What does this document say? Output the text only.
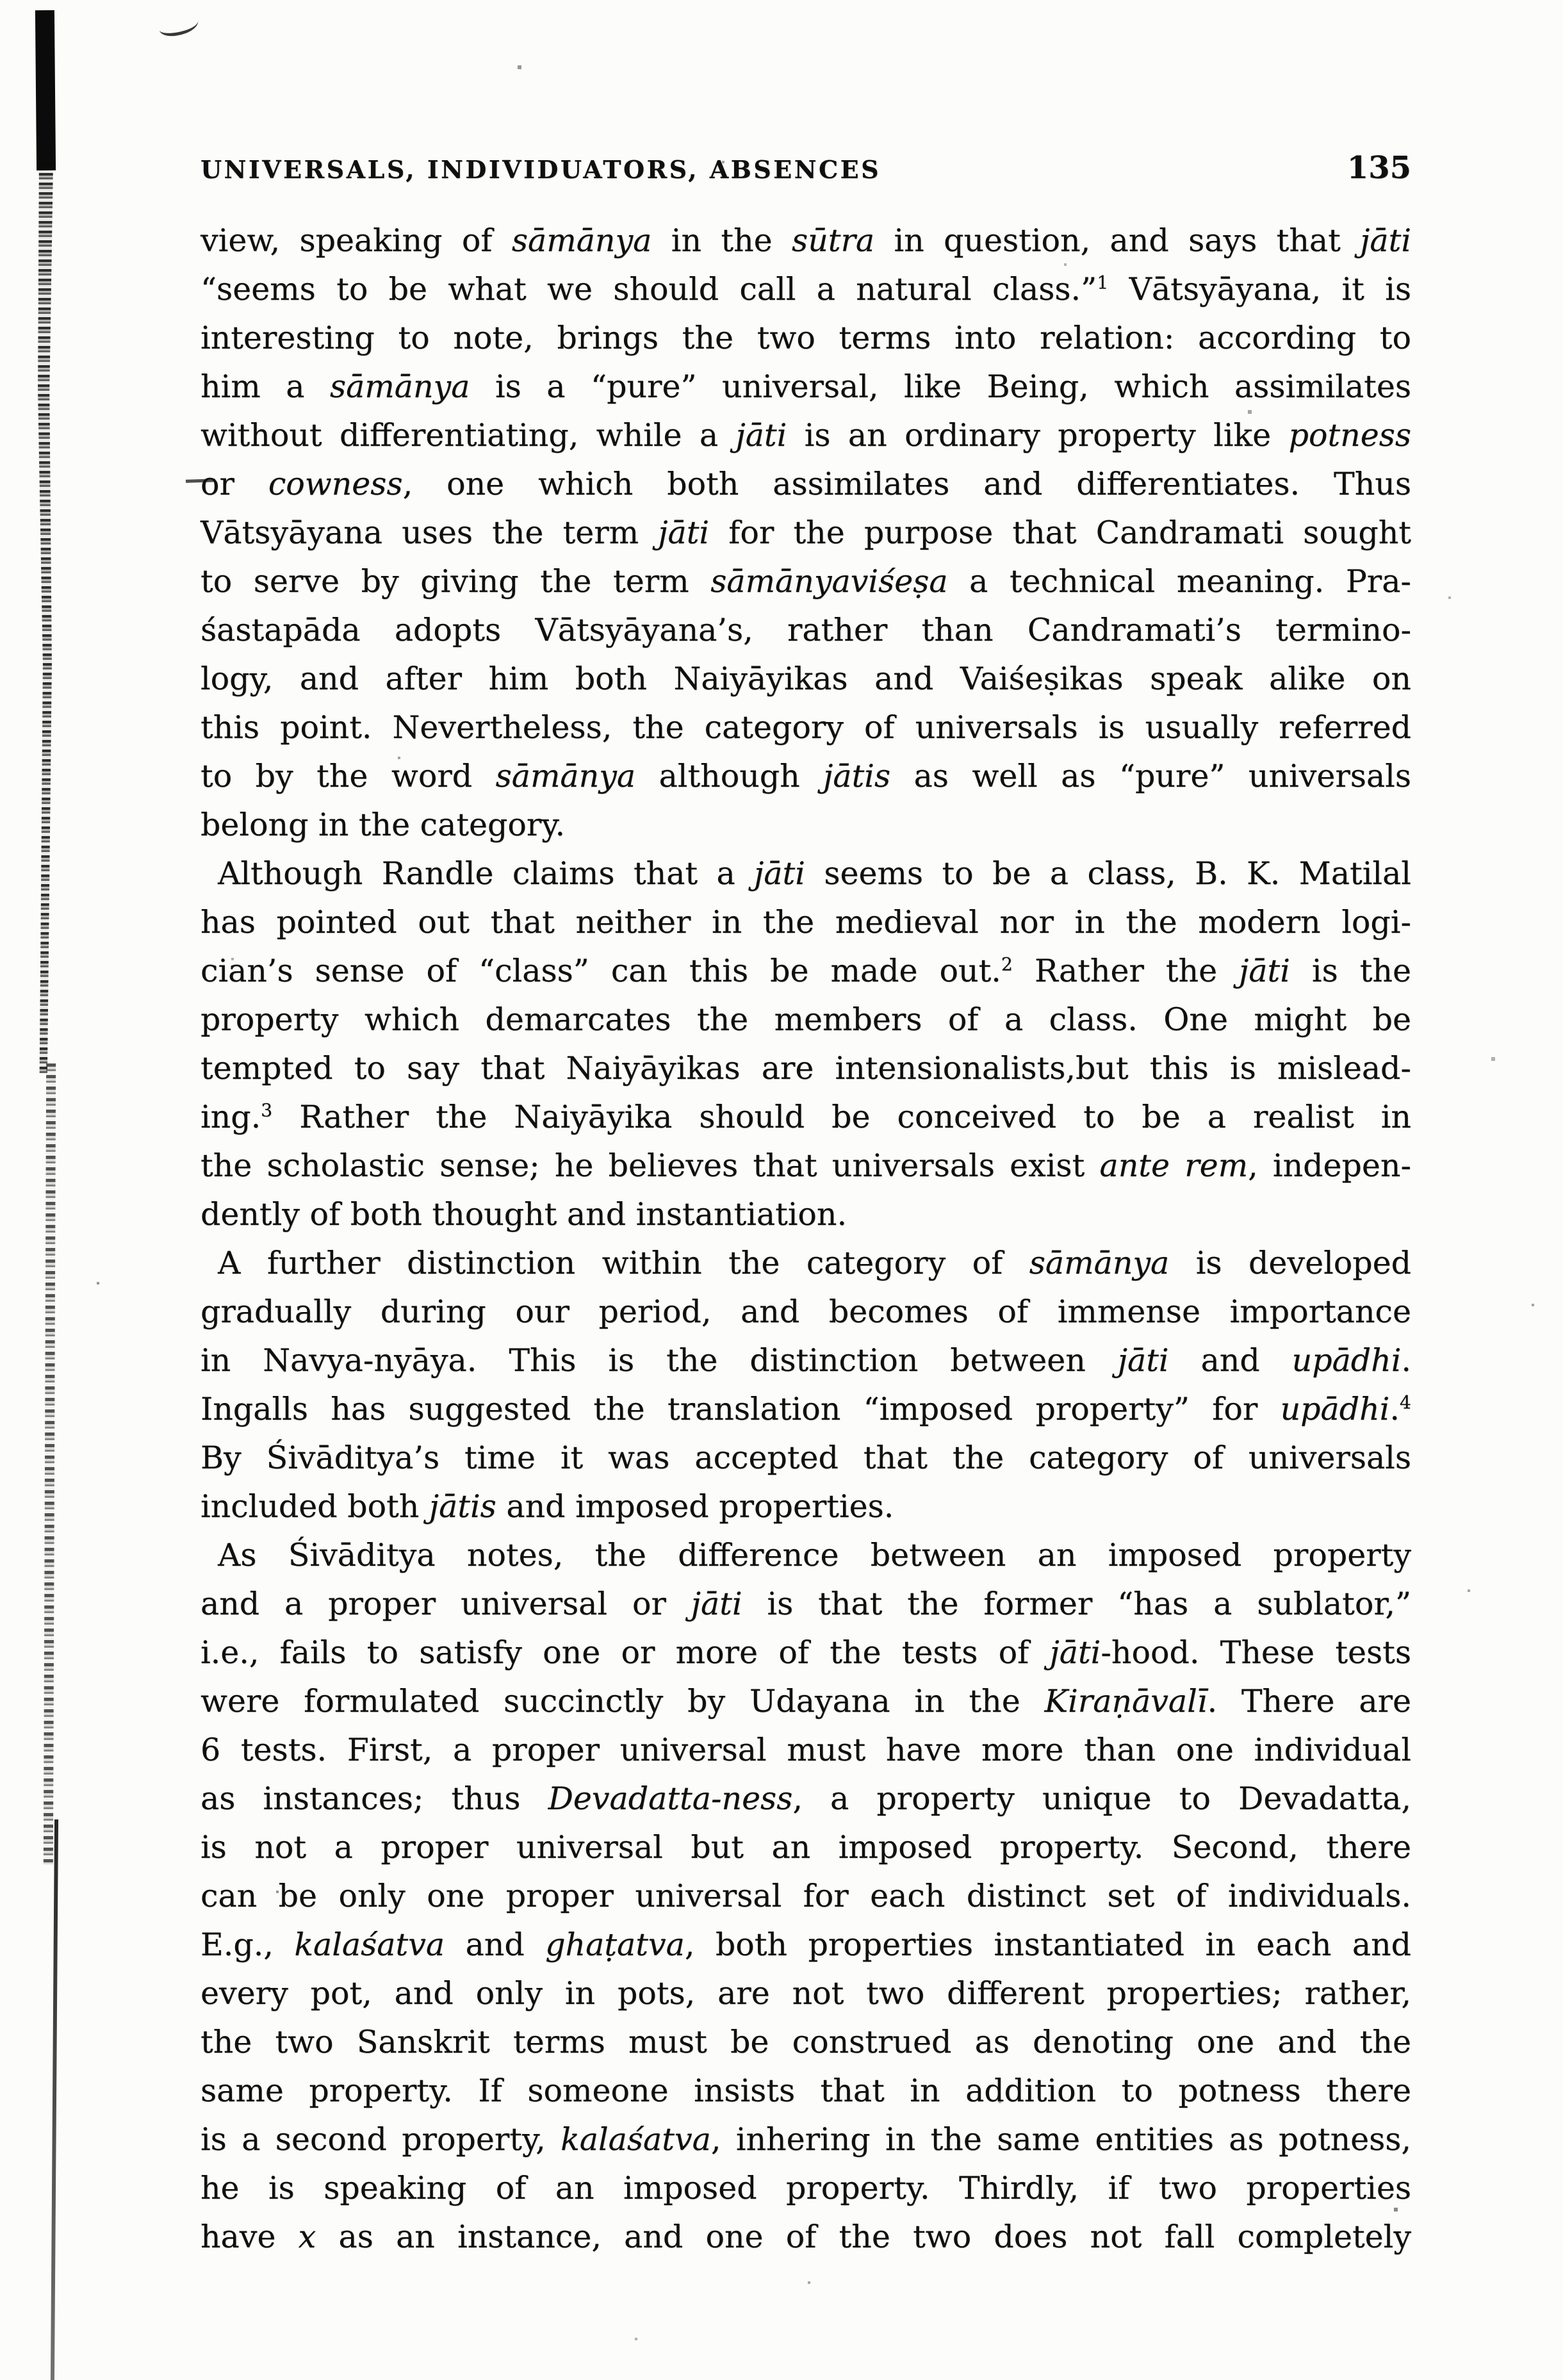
UNIVERSALS, INDIVIDUATORS, ABSENCES	135
view, speaking of sāmānya in the sūtra in question, and says that jāti
“seems to be what we should call a natural class.”$^1$ Vātsyāyana, it is
interesting to note, brings the two terms into relation: according to
him a sāmānya is a “pure” universal, like Being, which assimilates
without differentiating, while a jāti is an ordinary property like potness
or cowness, one which both assimilates and differentiates. Thus
Vātsyāyana uses the term jāti for the purpose that Candramati sought
to serve by giving the term sāmānyaviśeṣa a technical meaning. Pra-
śastapāda adopts Vātsyāyana’s, rather than Candramati’s termino-
logy, and after him both Naiyāyikas and Vaiśeṣikas speak alike on
this point. Nevertheless, the category of universals is usually referred
to by the word sāmānya although jātis as well as “pure” universals
belong in the category.
Although Randle claims that a jāti seems to be a class, B. K. Matilal
has pointed out that neither in the medieval nor in the modern logi-
cian’s sense of “class” can this be made out.$^2$ Rather the jāti is the
property which demarcates the members of a class. One might be
tempted to say that Naiyāyikas are intensionalists,but this is mislead-
ing.$^3$ Rather the Naiyāyika should be conceived to be a realist in
the scholastic sense; he believes that universals exist ante rem, indepen-
dently of both thought and instantiation.
A further distinction within the category of sāmānya is developed
gradually during our period, and becomes of immense importance
in Navya-nyāya. This is the distinction between jāti and upādhi.
Ingalls has suggested the translation “imposed property” for upādhi.$^4$
By Śivāditya’s time it was accepted that the category of universals
included both jātis and imposed properties.
As Śivāditya notes, the difference between an imposed property
and a proper universal or jāti is that the former “has a sublator,”
i.e., fails to satisfy one or more of the tests of jāti-hood. These tests
were formulated succinctly by Udayana in the Kiraṇāvalī. There are
6 tests. First, a proper universal must have more than one individual
as instances; thus Devadatta-ness, a property unique to Devadatta,
is not a proper universal but an imposed property. Second, there
can be only one proper universal for each distinct set of individuals.
E.g., kalaśatva and ghaṭatva, both properties instantiated in each and
every pot, and only in pots, are not two different properties; rather,
the two Sanskrit terms must be construed as denoting one and the
same property. If someone insists that in addition to potness there
is a second property, kalaśatva, inhering in the same entities as potness,
he is speaking of an imposed property. Thirdly, if two properties
have x as an instance, and one of the two does not fall completely
